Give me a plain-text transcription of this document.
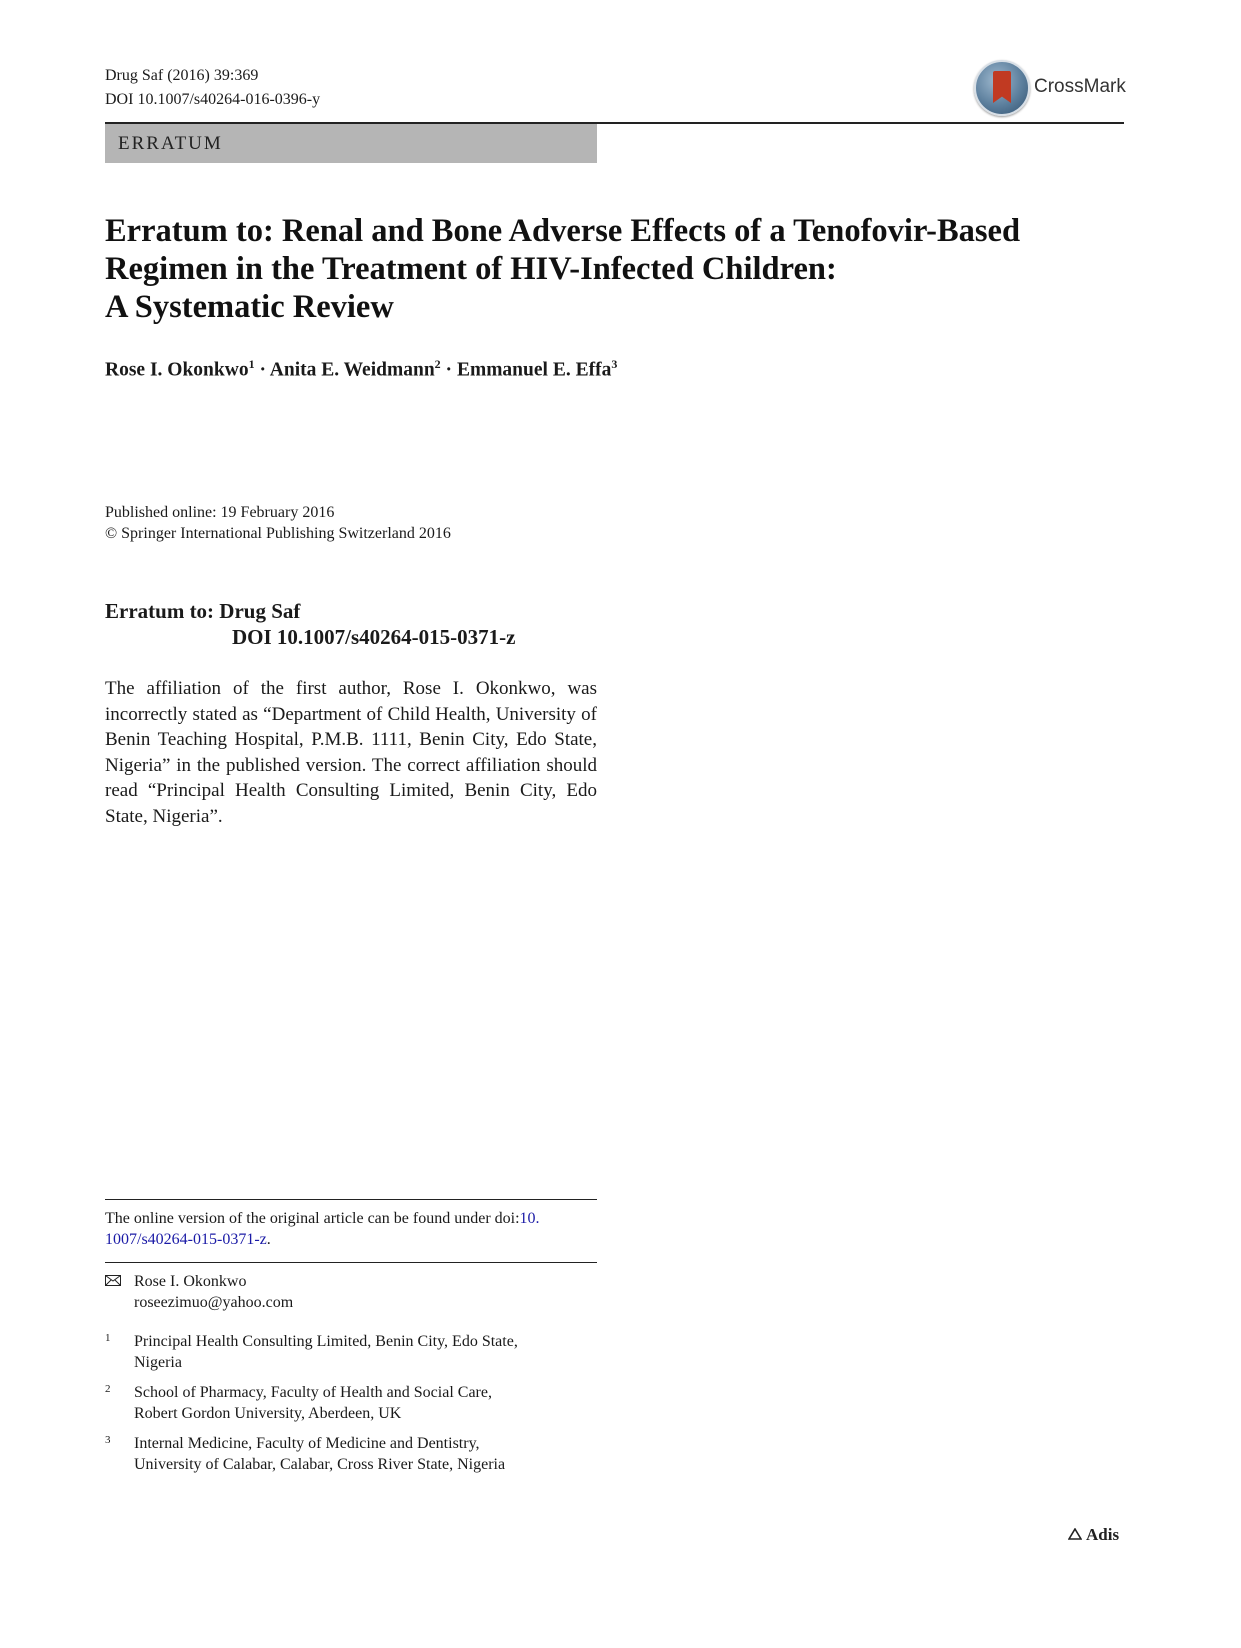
Drug Saf (2016) 39:369
DOI 10.1007/s40264-016-0396-y
CrossMark
ERRATUM
Erratum to: Renal and Bone Adverse Effects of a Tenofovir-Based
Regimen in the Treatment of HIV-Infected Children:
A Systematic Review
Rose I. Okonkwo$^1$ · Anita E. Weidmann$^2$ · Emmanuel E. Effa$^3$
Published online: 19 February 2016
© Springer International Publishing Switzerland 2016
Erratum to: Drug Saf
DOI 10.1007/s40264-015-0371-z
The affiliation of the first author, Rose I. Okonkwo, was incorrectly stated as “Department of Child Health, University of Benin Teaching Hospital, P.M.B. 1111, Benin City, Edo State, Nigeria” in the published version. The correct affiliation should read “Principal Health Consulting Limited, Benin City, Edo State, Nigeria”.
The online version of the original article can be found under doi:10.
1007/s40264-015-0371-z.
Rose I. Okonkwo
roseezimuo@yahoo.com
1 Principal Health Consulting Limited, Benin City, Edo State,
Nigeria
2 School of Pharmacy, Faculty of Health and Social Care,
Robert Gordon University, Aberdeen, UK
3 Internal Medicine, Faculty of Medicine and Dentistry,
University of Calabar, Calabar, Cross River State, Nigeria
Adis
